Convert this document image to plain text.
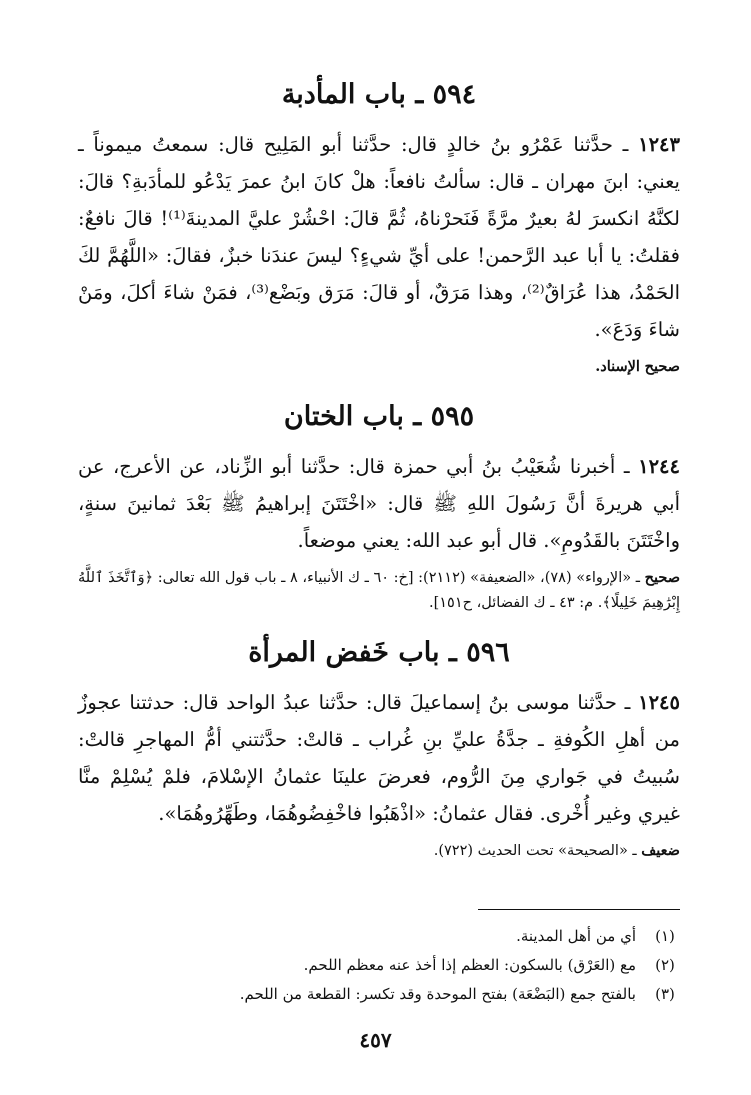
٥٩٤ ـ باب المأدبة

١٢٤٣ ـ حدَّثنا عَمْرُو بنُ خالدٍ قال: حدَّثنا أبو المَلِيح قال: سمعتُ ميموناً ـ يعني: ابنَ مهران ـ قال: سألتُ نافعاً: هلْ كانَ ابنُ عمرَ يَدْعُو للمأدَبةِ؟ قالَ: لكنَّهُ انكسرَ لهُ بعيرٌ مرَّةً فَنَحرْناهُ، ثُمَّ قالَ: احْشُرْ عليَّ المدينةَ⁽¹⁾! قالَ نافعٌ: فقلتُ: يا أبا عبد الرَّحمن! على أيِّ شيءٍ؟ ليسَ عندَنا خبزٌ، فقالَ: «اللَّهُمَّ لكَ الحَمْدُ، هذا عُرَاقٌ⁽²⁾، وهذا مَرَقٌ، أو قالَ: مَرَق وبَضْع⁽³⁾، فمَنْ شاءَ أكلَ، ومَنْ شاءَ وَدَعَ».

صحيح الإسناد.

٥٩٥ ـ باب الختان

١٢٤٤ ـ أخبرنا شُعَيْبُ بنُ أبي حمزة قال: حدَّثنا أبو الزِّناد، عن الأعرج، عن أبي هريرةَ أنَّ رَسُولَ اللهِ ﷺ قال: «اخْتَتَنَ إبراهيمُ ﷺ بَعْدَ ثمانينَ سنةٍ، واخْتَتَنَ بالقَدُومِ». قال أبو عبد الله: يعني موضعاً.

صحيح ـ «الإرواء» (٧٨)، «الضعيفة» (٢١١٢): [خ: ٦٠ ـ ك الأنبياء، ٨ ـ باب قول الله تعالى: ﴿وَٱتَّخَذَ ٱللَّهُ إِبْرَٰهِيمَ خَلِيلًا﴾. م: ٤٣ ـ ك الفضائل، ح١٥١].

٥٩٦ ـ باب خَفض المرأة

١٢٤٥ ـ حدَّثنا موسى بنُ إسماعيلَ قال: حدَّثنا عبدُ الواحد قال: حدثتنا عجوزٌ من أهلِ الكُوفةِ ـ جدَّةُ عليِّ بنِ غُراب ـ قالتْ: حدَّثتني أمُّ المهاجرِ قالتْ: سُبيتُ في جَواري مِنَ الرُّوم، فعرضَ علينَا عثمانُ الإسْلامَ، فلمْ يُسْلِمْ منَّا غيري وغير أُخْرى. فقال عثمانُ: «اذْهَبُوا فاخْفِضُوهُمَا، وطَهِّرُوهُمَا».

ضعيف ـ «الصحيحة» تحت الحديث (٧٢٢).

(١)
أي من أهل المدينة.
(٢)
مع (العَرْق) بالسكون: العظم إذا أخذ عنه معظم اللحم.
(٣)
بالفتح جمع (البَضْعَة) بفتح الموحدة وقد تكسر: القطعة من اللحم.
٤٥٧
